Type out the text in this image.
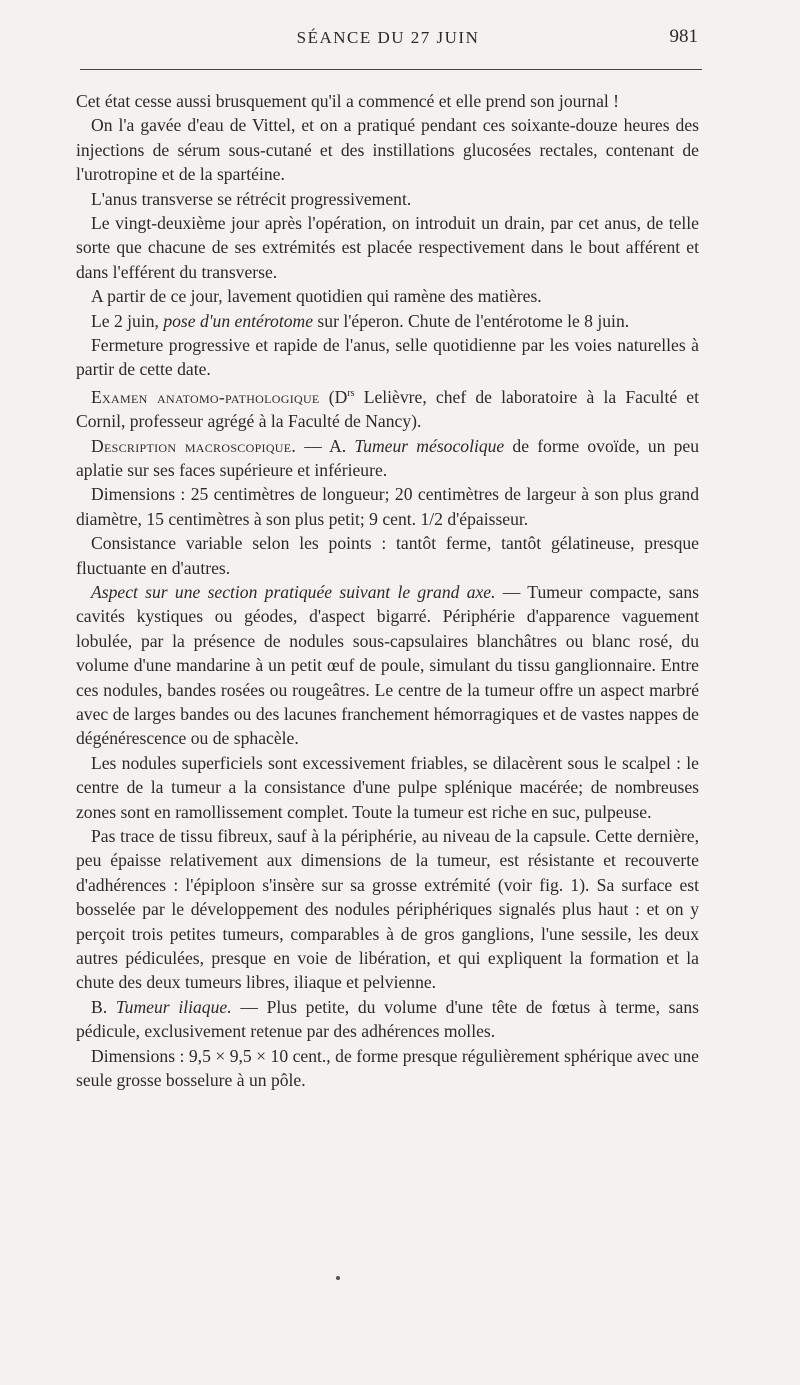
SÉANCE DU 27 JUIN	981

Cet état cesse aussi brusquement qu'il a commencé et elle prend son journal !

On l'a gavée d'eau de Vittel, et on a pratiqué pendant ces soixante-douze heures des injections de sérum sous-cutané et des instillations glucosées rectales, contenant de l'urotropine et de la spartéine.

L'anus transverse se rétrécit progressivement.

Le vingt-deuxième jour après l'opération, on introduit un drain, par cet anus, de telle sorte que chacune de ses extrémités est placée respectivement dans le bout afférent et dans l'efférent du transverse.

A partir de ce jour, lavement quotidien qui ramène des matières.

Le 2 juin, pose d'un entérotome sur l'éperon. Chute de l'entérotome le 8 juin.

Fermeture progressive et rapide de l'anus, selle quotidienne par les voies naturelles à partir de cette date.

Examen anatomo-pathologique ($D^{rs}$ Lelièvre, chef de laboratoire à la Faculté et Cornil, professeur agrégé à la Faculté de Nancy).

Description macroscopique. — A. Tumeur mésocolique de forme ovoïde, un peu aplatie sur ses faces supérieure et inférieure.

Dimensions : 25 centimètres de longueur; 20 centimètres de largeur à son plus grand diamètre, 15 centimètres à son plus petit; 9 cent. 1/2 d'épaisseur.

Consistance variable selon les points : tantôt ferme, tantôt gélatineuse, presque fluctuante en d'autres.

Aspect sur une section pratiquée suivant le grand axe. — Tumeur compacte, sans cavités kystiques ou géodes, d'aspect bigarré. Périphérie d'apparence vaguement lobulée, par la présence de nodules sous-capsulaires blanchâtres ou blanc rosé, du volume d'une mandarine à un petit œuf de poule, simulant du tissu ganglionnaire. Entre ces nodules, bandes rosées ou rougeâtres. Le centre de la tumeur offre un aspect marbré avec de larges bandes ou des lacunes franchement hémorragiques et de vastes nappes de dégénérescence ou de sphacèle.

Les nodules superficiels sont excessivement friables, se dilacèrent sous le scalpel : le centre de la tumeur a la consistance d'une pulpe splénique macérée; de nombreuses zones sont en ramollissement complet. Toute la tumeur est riche en suc, pulpeuse.

Pas trace de tissu fibreux, sauf à la périphérie, au niveau de la capsule. Cette dernière, peu épaisse relativement aux dimensions de la tumeur, est résistante et recouverte d'adhérences : l'épiploon s'insère sur sa grosse extrémité (voir fig. 1). Sa surface est bosselée par le développement des nodules périphériques signalés plus haut : et on y perçoit trois petites tumeurs, comparables à de gros ganglions, l'une sessile, les deux autres pédiculées, presque en voie de libération, et qui expliquent la formation et la chute des deux tumeurs libres, iliaque et pelvienne.

B. Tumeur iliaque. — Plus petite, du volume d'une tête de fœtus à terme, sans pédicule, exclusivement retenue par des adhérences molles.

Dimensions : 9,5 × 9,5 × 10 cent., de forme presque régulièrement sphérique avec une seule grosse bosselure à un pôle.
